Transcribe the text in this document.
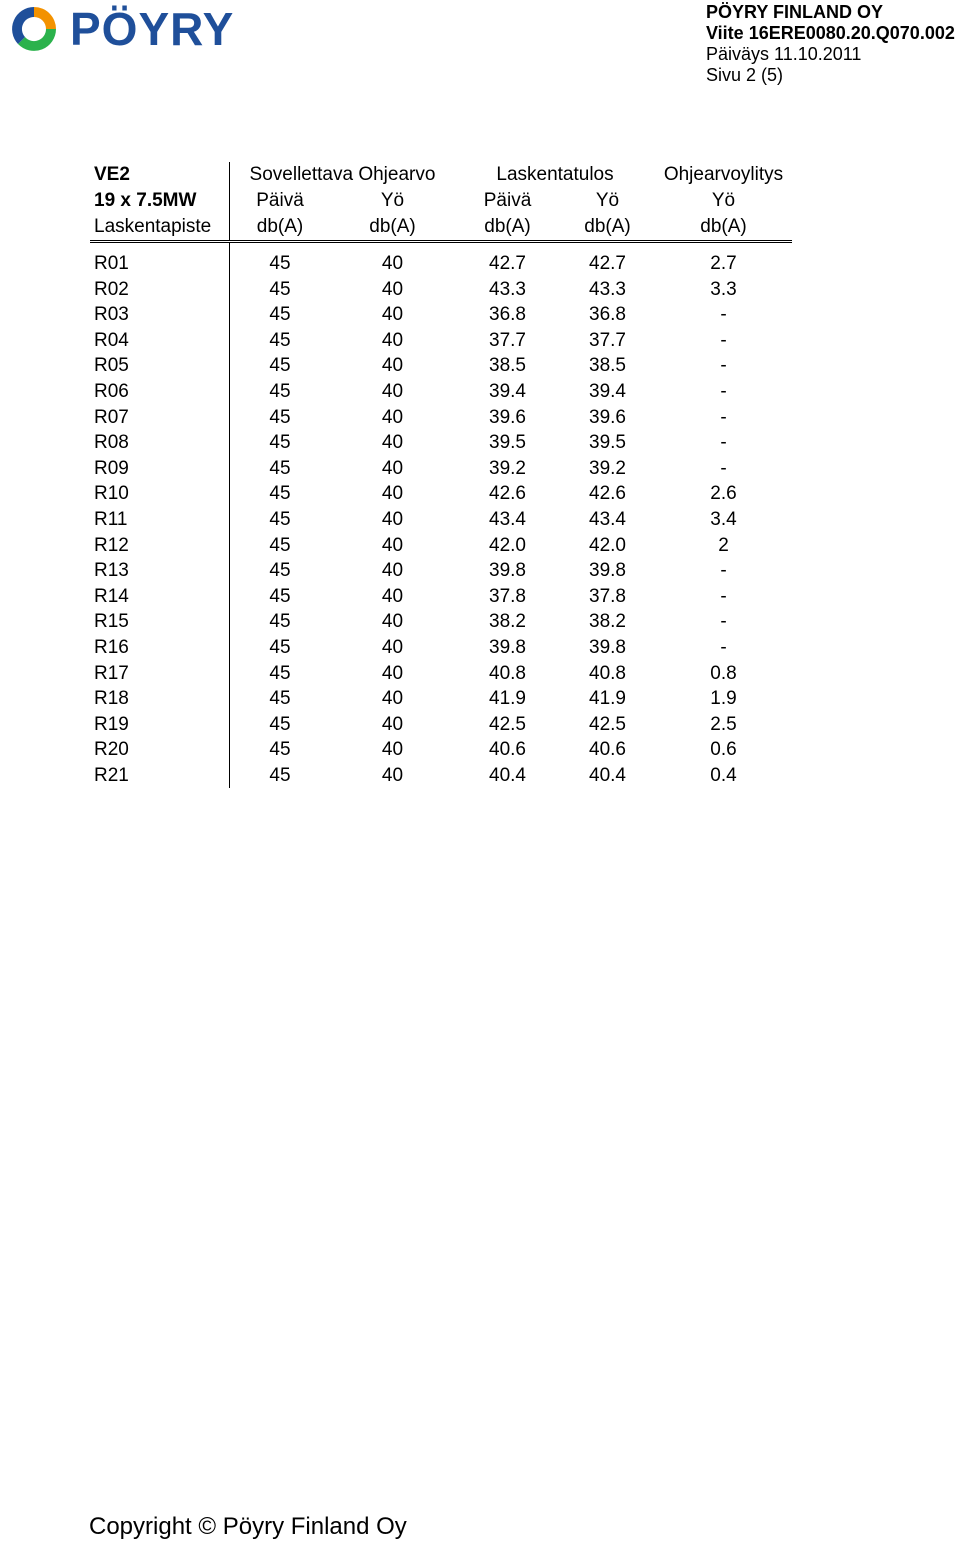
PÖYRY	PÖYRY FINLAND OY
Viite 16ERE0080.20.Q070.002
Päiväys 11.10.2011
Sivu 2 (5)
VE2	Sovellettava Ohjearvo		Laskentatulos		Ohjearvoylitys
19 x 7.5MW	Päivä	Yö	Päivä	Yö	Yö
Laskentapiste	db(A)	db(A)	db(A)	db(A)	db(A)

R01	45	40	42.7	42.7	2.7
R02	45	40	43.3	43.3	3.3
R03	45	40	36.8	36.8	-
R04	45	40	37.7	37.7	-
R05	45	40	38.5	38.5	-
R06	45	40	39.4	39.4	-
R07	45	40	39.6	39.6	-
R08	45	40	39.5	39.5	-
R09	45	40	39.2	39.2	-
R10	45	40	42.6	42.6	2.6
R11	45	40	43.4	43.4	3.4
R12	45	40	42.0	42.0	2
R13	45	40	39.8	39.8	-
R14	45	40	37.8	37.8	-
R15	45	40	38.2	38.2	-
R16	45	40	39.8	39.8	-
R17	45	40	40.8	40.8	0.8
R18	45	40	41.9	41.9	1.9
R19	45	40	42.5	42.5	2.5
R20	45	40	40.6	40.6	0.6
R21	45	40	40.4	40.4	0.4
Copyright © Pöyry Finland Oy
